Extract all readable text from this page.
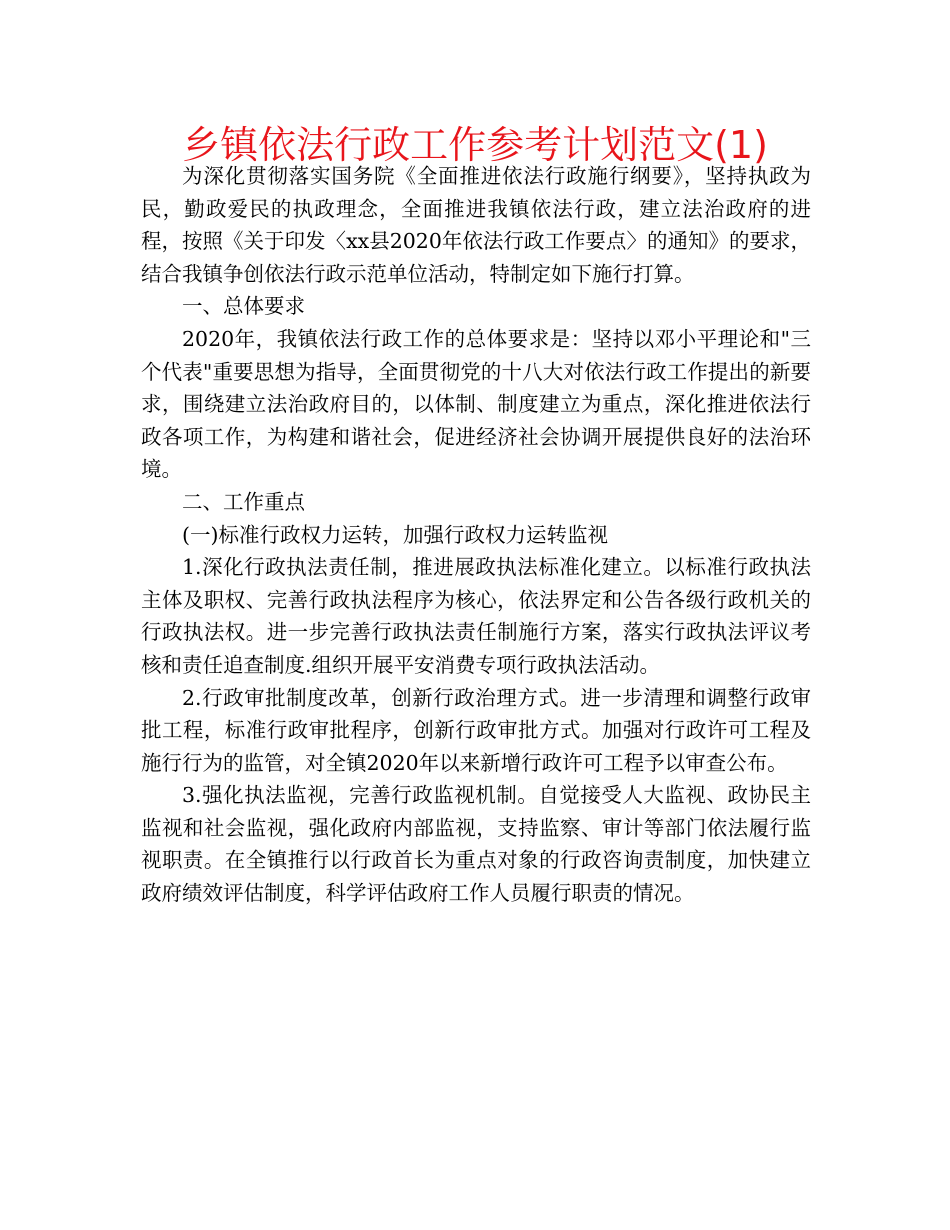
乡镇依法行政工作参考计划范文(1)

为深化贯彻落实国务院《全面推进依法行政施行纲要》，坚持执政为民，勤政爱民的执政理念，全面推进我镇依法行政，建立法治政府的进程，按照《关于印发〈xx县2020年依法行政工作要点〉的通知》的要求，结合我镇争创依法行政示范单位活动，特制定如下施行打算。

一、总体要求

2020年，我镇依法行政工作的总体要求是：坚持以邓小平理论和"三个代表"重要思想为指导，全面贯彻党的十八大对依法行政工作提出的新要求，围绕建立法治政府目的，以体制、制度建立为重点，深化推进依法行政各项工作，为构建和谐社会，促进经济社会协调开展提供良好的法治环境。

二、工作重点

(一)标准行政权力运转，加强行政权力运转监视

1.深化行政执法责任制，推进展政执法标准化建立。以标准行政执法主体及职权、完善行政执法程序为核心，依法界定和公告各级行政机关的行政执法权。进一步完善行政执法责任制施行方案，落实行政执法评议考核和责任追查制度.组织开展平安消费专项行政执法活动。

2.行政审批制度改革，创新行政治理方式。进一步清理和调整行政审批工程，标准行政审批程序，创新行政审批方式。加强对行政许可工程及施行行为的监管，对全镇2020年以来新增行政许可工程予以审查公布。

3.强化执法监视，完善行政监视机制。自觉接受人大监视、政协民主监视和社会监视，强化政府内部监视，支持监察、审计等部门依法履行监视职责。在全镇推行以行政首长为重点对象的行政咨询责制度，加快建立政府绩效评估制度，科学评估政府工作人员履行职责的情况。
